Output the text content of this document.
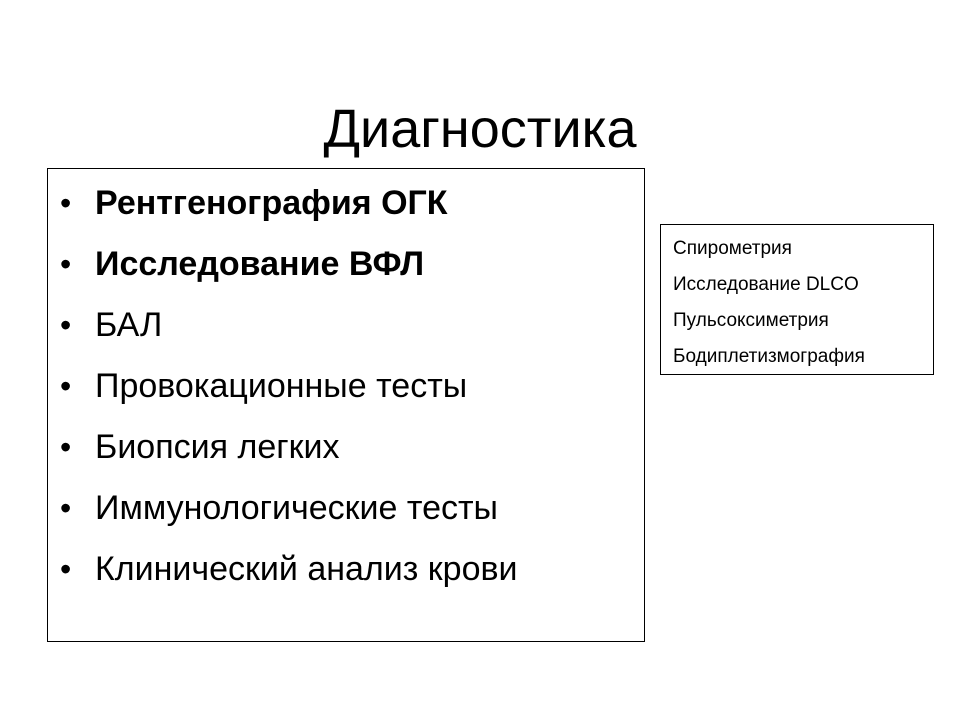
Диагностика
• Рентгенография ОГК
• Исследование ВФЛ
• БАЛ
• Провокационные тесты
• Биопсия легких
• Иммунологические тесты
• Клинический анализ крови
Спирометрия
Исследование DLCO
Пульсоксиметрия
Бодиплетизмография
